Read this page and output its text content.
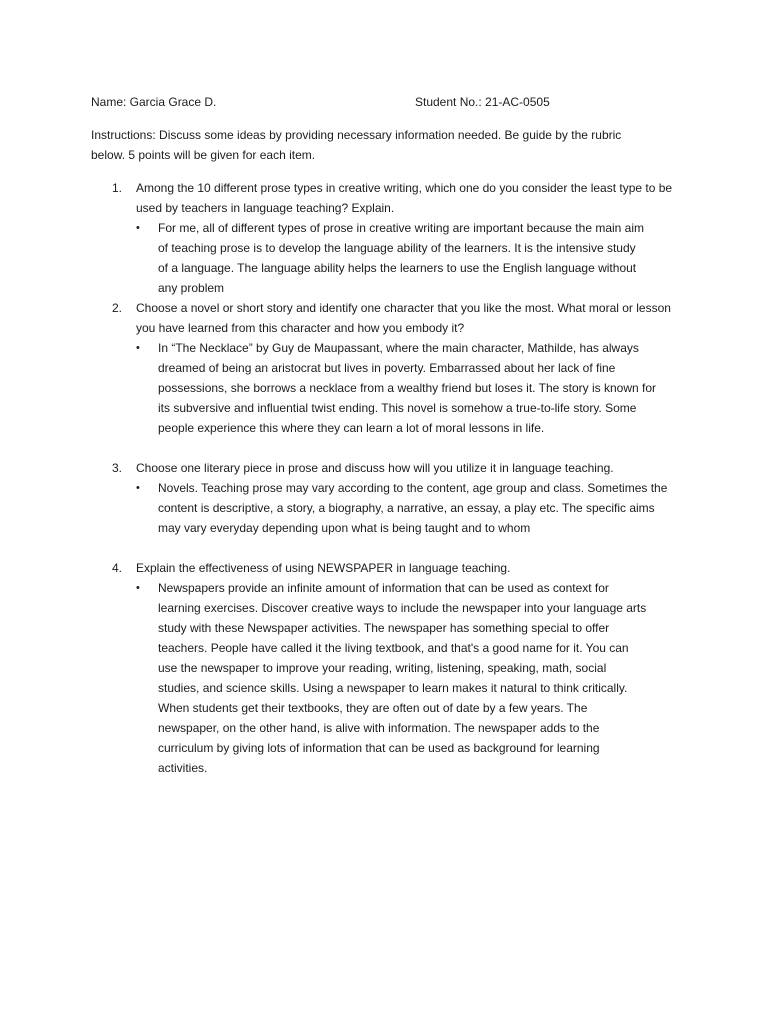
Name: Garcia Grace D.	Student No.: 21-AC-0505

Instructions: Discuss some ideas by providing necessary information needed. Be guide by the rubric below. 5 points will be given for each item.

1. Among the 10 different prose types in creative writing, which one do you consider the least type to be used by teachers in language teaching? Explain.

• For me, all of different types of prose in creative writing are important because the main aim of teaching prose is to develop the language ability of the learners. It is the intensive study of a language. The language ability helps the learners to use the English language without any problem

2. Choose a novel or short story and identify one character that you like the most. What moral or lesson you have learned from this character and how you embody it?

• In “The Necklace” by Guy de Maupassant, where the main character, Mathilde, has always dreamed of being an aristocrat but lives in poverty. Embarrassed about her lack of fine possessions, she borrows a necklace from a wealthy friend but loses it. The story is known for its subversive and influential twist ending. This novel is somehow a true-to-life story. Some people experience this where they can learn a lot of moral lessons in life.

3. Choose one literary piece in prose and discuss how will you utilize it in language teaching.

• Novels. Teaching prose may vary according to the content, age group and class. Sometimes the content is descriptive, a story, a biography, a narrative, an essay, a play etc. The specific aims may vary everyday depending upon what is being taught and to whom

4. Explain the effectiveness of using NEWSPAPER in language teaching.

• Newspapers provide an infinite amount of information that can be used as context for learning exercises. Discover creative ways to include the newspaper into your language arts study with these Newspaper activities. The newspaper has something special to offer teachers. People have called it the living textbook, and that's a good name for it. You can use the newspaper to improve your reading, writing, listening, speaking, math, social studies, and science skills. Using a newspaper to learn makes it natural to think critically. When students get their textbooks, they are often out of date by a few years. The newspaper, on the other hand, is alive with information. The newspaper adds to the curriculum by giving lots of information that can be used as background for learning activities.
